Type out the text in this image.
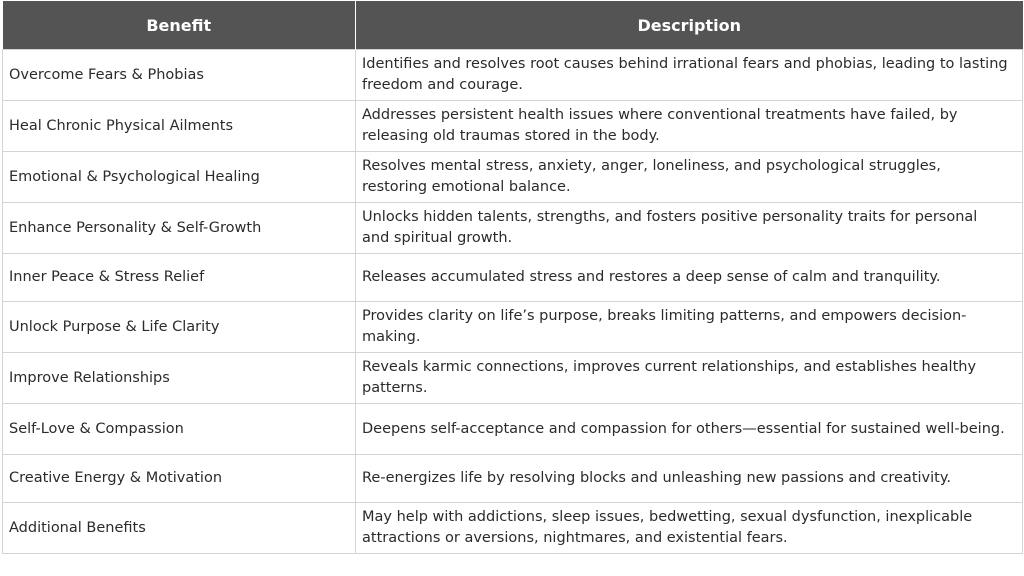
Benefit	Description
Overcome Fears & Phobias	Identifies and resolves root causes behind irrational fears and phobias, leading to lasting freedom and courage.
Heal Chronic Physical Ailments	Addresses persistent health issues where conventional treatments have failed, by releasing old traumas stored in the body.
Emotional & Psychological Healing	Resolves mental stress, anxiety, anger, loneliness, and psychological struggles, restoring emotional balance.
Enhance Personality & Self-Growth	Unlocks hidden talents, strengths, and fosters positive personality traits for personal and spiritual growth.
Inner Peace & Stress Relief	Releases accumulated stress and restores a deep sense of calm and tranquility.
Unlock Purpose & Life Clarity	Provides clarity on life’s purpose, breaks limiting patterns, and empowers decision-making.
Improve Relationships	Reveals karmic connections, improves current relationships, and establishes healthy patterns.
Self-Love & Compassion	Deepens self-acceptance and compassion for others—essential for sustained well-being.
Creative Energy & Motivation	Re-energizes life by resolving blocks and unleashing new passions and creativity.
Additional Benefits	May help with addictions, sleep issues, bedwetting, sexual dysfunction, inexplicable attractions or aversions, nightmares, and existential fears.
